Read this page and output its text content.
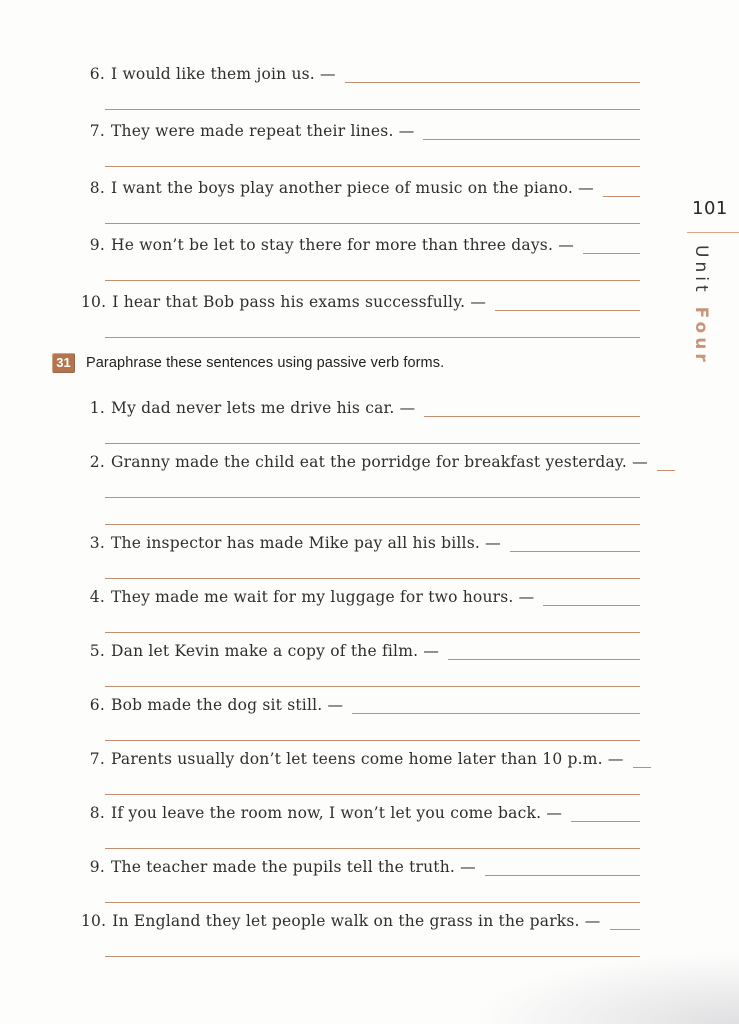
6. I would like them join us. —
7. They were made repeat their lines. —
8. I want the boys play another piece of music on the piano. —
9. He won’t be let to stay there for more than three days. —
10. I hear that Bob pass his exams successfully. —
31 Paraphrase these sentences using passive verb forms.
1. My dad never lets me drive his car. —
2. Granny made the child eat the porridge for breakfast yesterday. —
3. The inspector has made Mike pay all his bills. —
4. They made me wait for my luggage for two hours. —
5. Dan let Kevin make a copy of the film. —
6. Bob made the dog sit still. —
7. Parents usually don’t let teens come home later than 10 p.m. —
8. If you leave the room now, I won’t let you come back. —
9. The teacher made the pupils tell the truth. —
10. In England they let people walk on the grass in the parks. —
101
UnitFour
